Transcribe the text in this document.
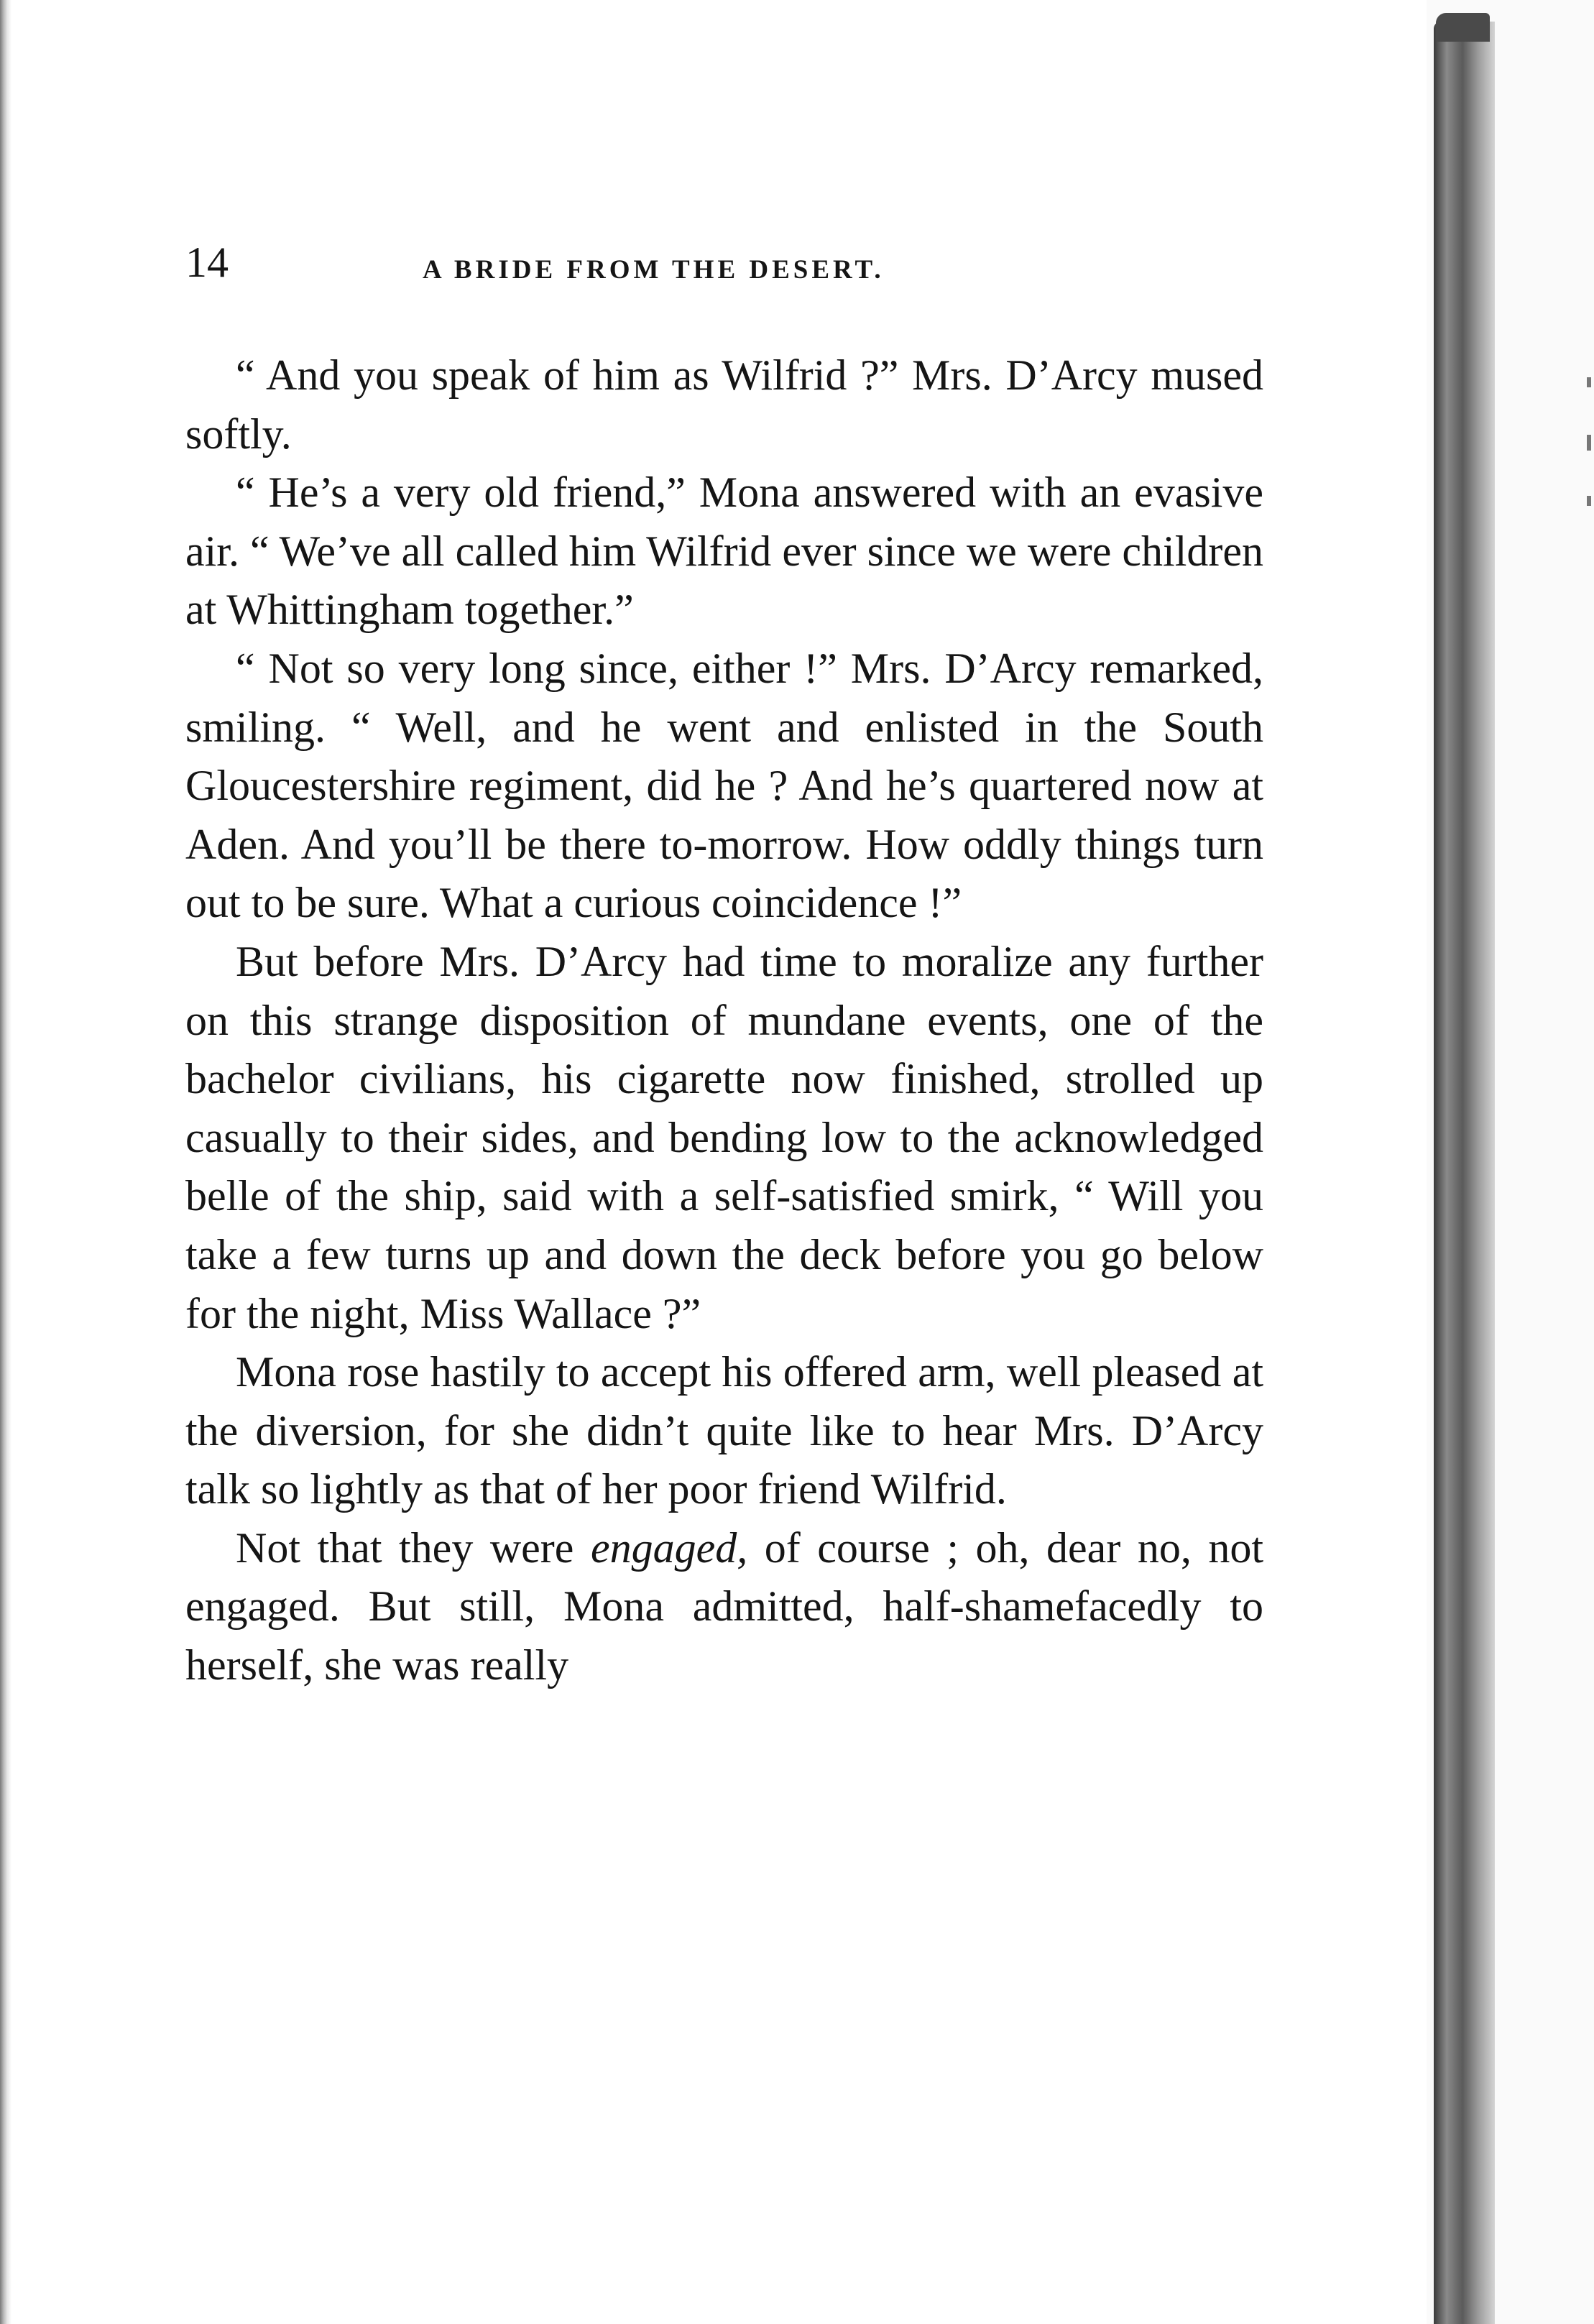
14	A BRIDE FROM THE DESERT.

“ And you speak of him as Wilfrid ?” Mrs. D’Arcy mused softly.

“ He’s a very old friend,” Mona answered with an evasive air. “ We’ve all called him Wilfrid ever since we were children at Whittingham together.”

“ Not so very long since, either !” Mrs. D’Arcy remarked, smiling. “ Well, and he went and enlisted in the South Gloucestershire regiment, did he ? And he’s quartered now at Aden. And you’ll be there to-morrow. How oddly things turn out to be sure. What a curious coincidence !”

But before Mrs. D’Arcy had time to moralize any further on this strange disposition of mundane events, one of the bachelor civilians, his cigarette now finished, strolled up casually to their sides, and bending low to the acknowledged belle of the ship, said with a self-satisfied smirk, “ Will you take a few turns up and down the deck before you go below for the night, Miss Wallace ?”

Mona rose hastily to accept his offered arm, well pleased at the diversion, for she didn’t quite like to hear Mrs. D’Arcy talk so lightly as that of her poor friend Wilfrid.

Not that they were engaged, of course ; oh, dear no, not engaged. But still, Mona admitted, half-shamefacedly to herself, she was really
